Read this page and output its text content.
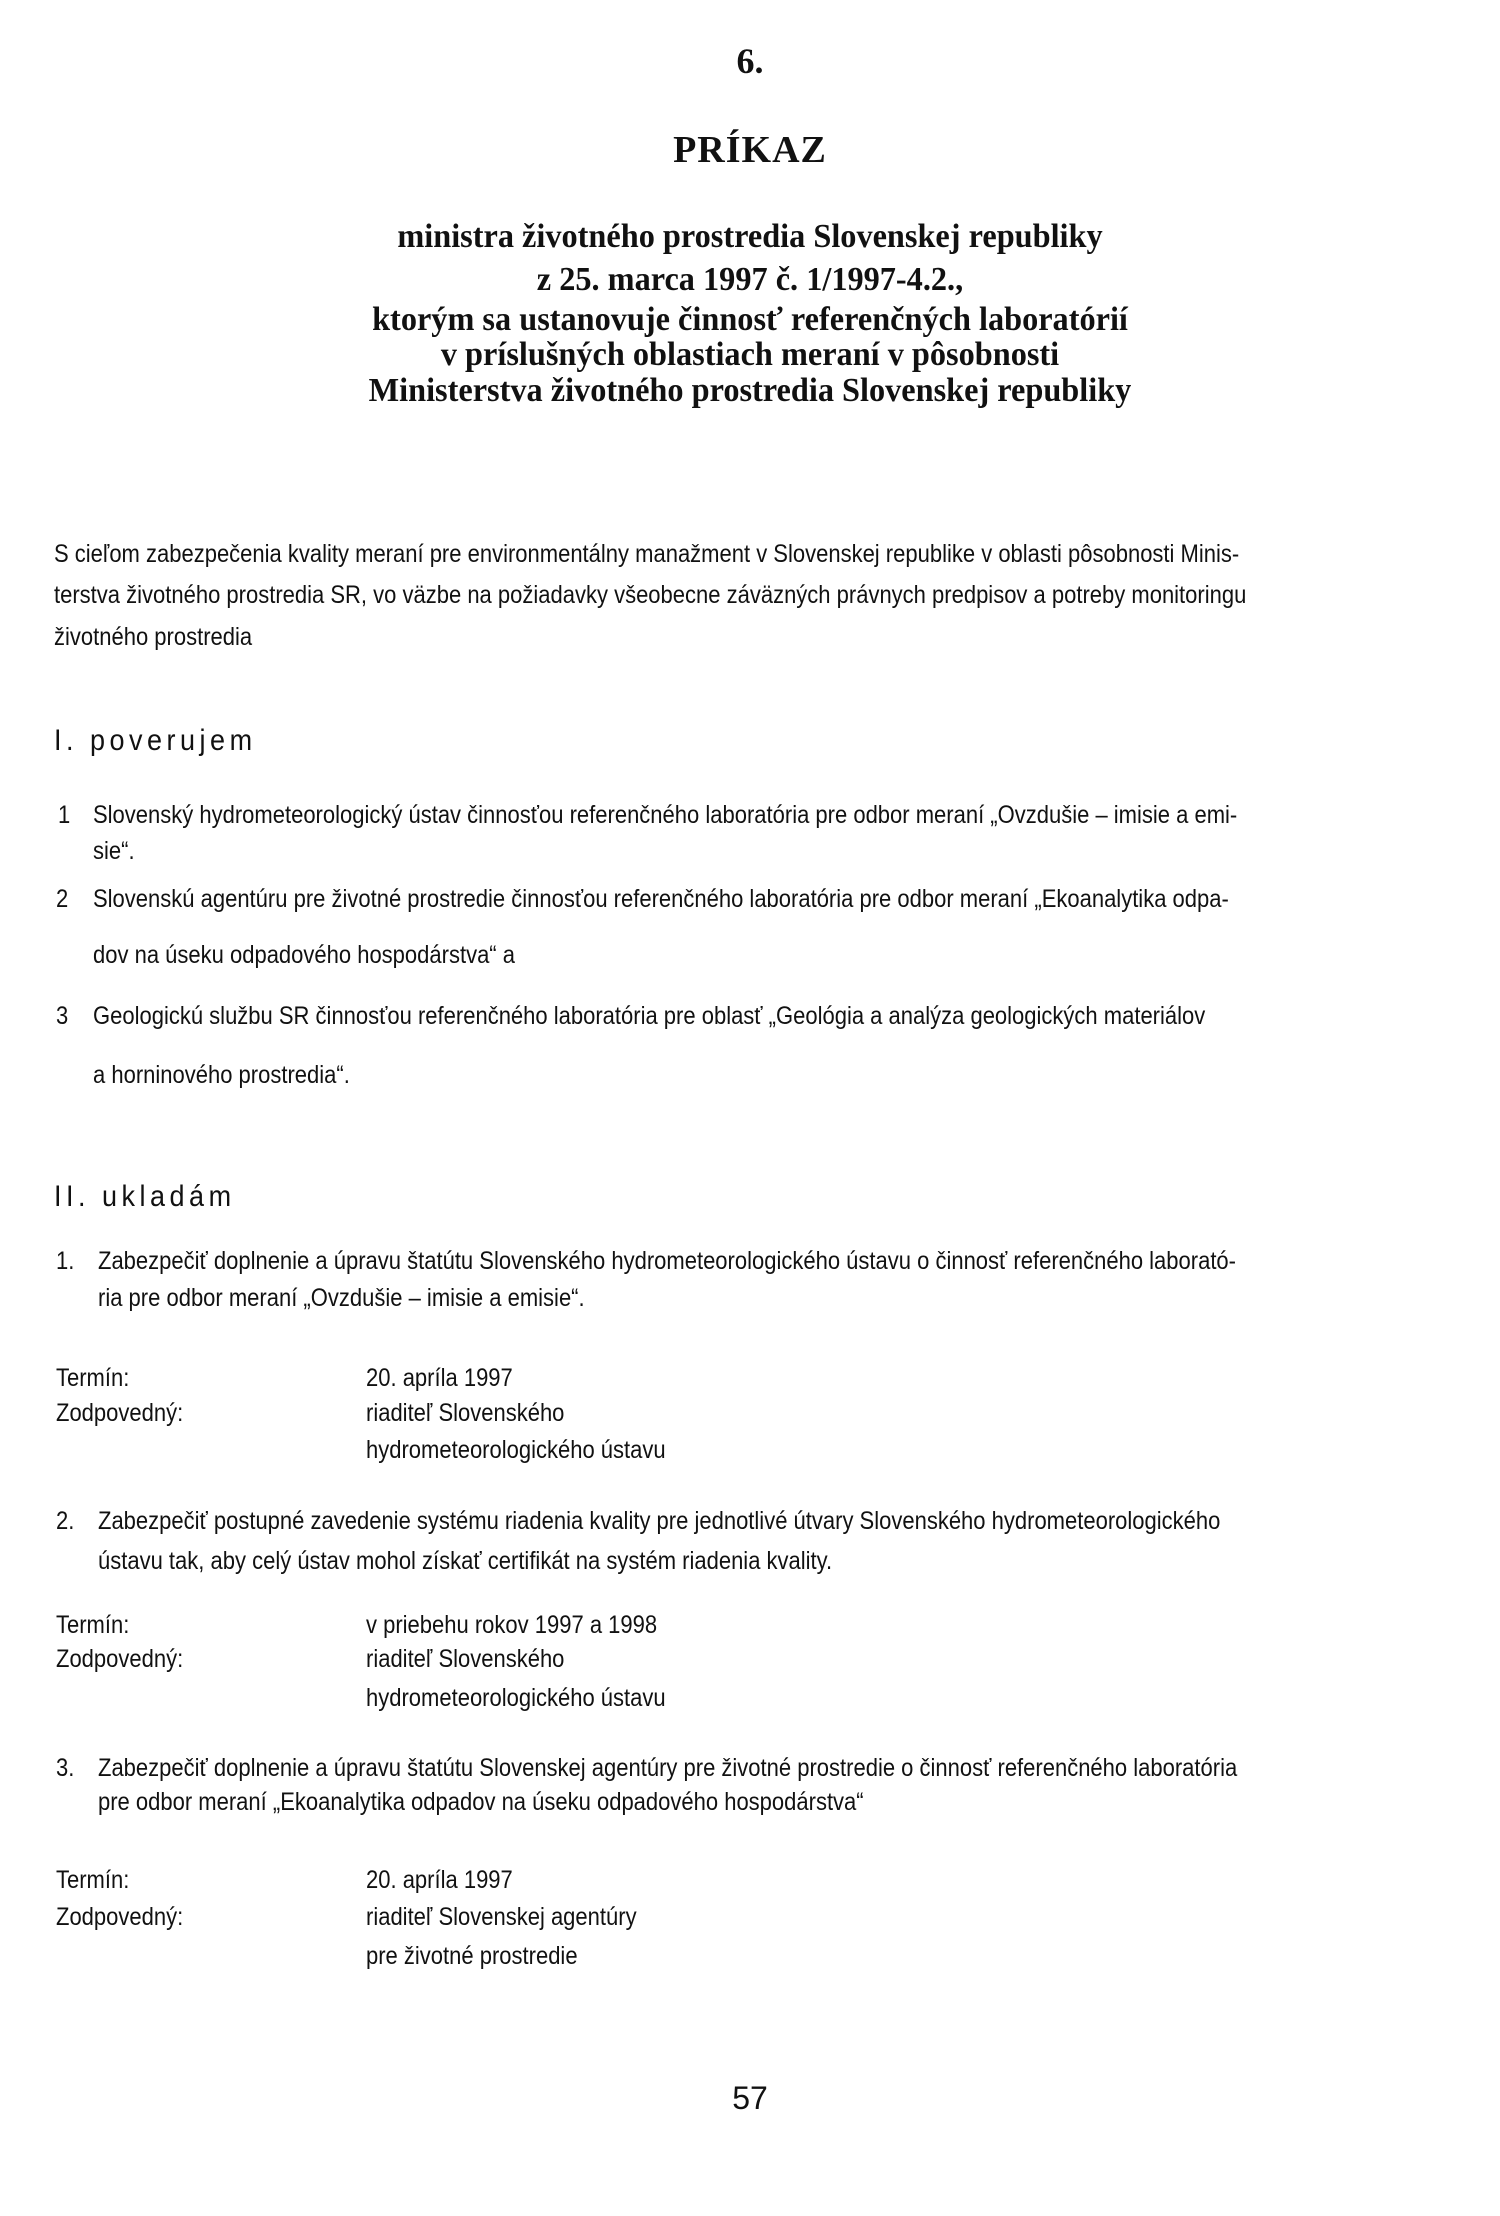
6.
PRÍKAZ
ministra životného prostredia Slovenskej republiky
z 25. marca 1997 č. 1/1997-4.2.,
ktorým sa ustanovuje činnosť referenčných laboratórií
v príslušných oblastiach meraní v pôsobnosti
Ministerstva životného prostredia Slovenskej republiky
S cieľom zabezpečenia kvality meraní pre environmentálny manažment v Slovenskej republike v oblasti pôsobnosti Minis-
terstva životného prostredia SR, vo väzbe na požiadavky všeobecne záväzných právnych predpisov a potreby monitoringu
životného prostredia
I. poverujem
1 Slovenský hydrometeorologický ústav činnosťou referenčného laboratória pre odbor meraní „Ovzdušie – imisie a emi-
sie“.
2 Slovenskú agentúru pre životné prostredie činnosťou referenčného laboratória pre odbor meraní „Ekoanalytika odpa-
dov na úseku odpadového hospodárstva“ a
3 Geologickú službu SR činnosťou referenčného laboratória pre oblasť „Geológia a analýza geologických materiálov
a horninového prostredia“.
II. ukladám
1. Zabezpečiť doplnenie a úpravu štatútu Slovenského hydrometeorologického ústavu o činnosť referenčného laborató-
ria pre odbor meraní „Ovzdušie – imisie a emisie“.
Termín:	20. apríla 1997
Zodpovedný:	riaditeľ Slovenského
hydrometeorologického ústavu
2. Zabezpečiť postupné zavedenie systému riadenia kvality pre jednotlivé útvary Slovenského hydrometeorologického
ústavu tak, aby celý ústav mohol získať certifikát na systém riadenia kvality.
Termín:	v priebehu rokov 1997 a 1998
Zodpovedný:	riaditeľ Slovenského
hydrometeorologického ústavu
3. Zabezpečiť doplnenie a úpravu štatútu Slovenskej agentúry pre životné prostredie o činnosť referenčného laboratória
pre odbor meraní „Ekoanalytika odpadov na úseku odpadového hospodárstva“
Termín:	20. apríla 1997
Zodpovedný:	riaditeľ Slovenskej agentúry
pre životné prostredie
57
